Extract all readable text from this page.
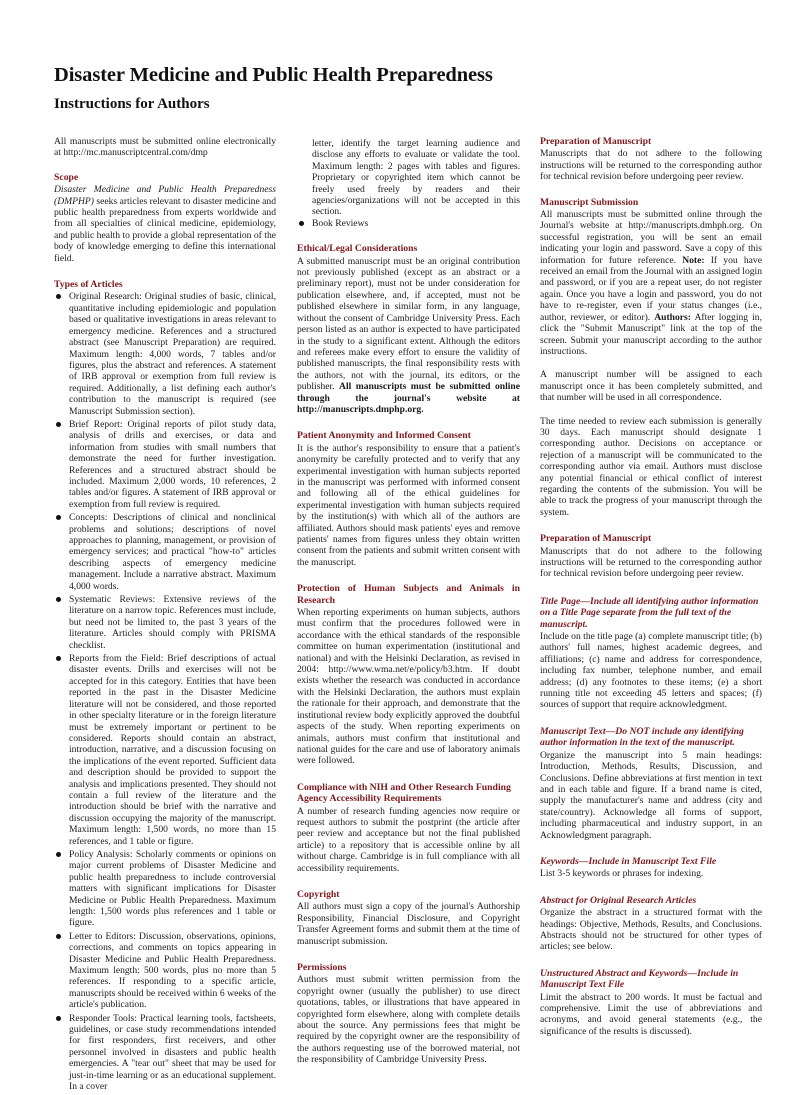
Disaster Medicine and Public Health Preparedness
Instructions for Authors

All manuscripts must be submitted online electronically at http://mc.manuscriptcentral.com/dmp

Scope

Disaster Medicine and Public Health Preparedness (DMPHP) seeks articles relevant to disaster medicine and public health preparedness from experts worldwide and from all specialties of clinical medicine, epidemiology, and public health to provide a global representation of the body of knowledge emerging to define this international field.

Types of Articles
Original Research: Original studies of basic, clinical, quantitative including epidemiologic and population based or qualitative investigations in areas relevant to emergency medicine. References and a structured abstract (see Manuscript Preparation) are required. Maximum length: 4,000 words, 7 tables and/or figures, plus the abstract and references. A statement of IRB approval or exemption from full review is required. Additionally, a list defining each author's contribution to the manuscript is required (see Manuscript Submission section).
Brief Report: Original reports of pilot study data, analysis of drills and exercises, or data and information from studies with small numbers that demonstrate the need for further investigation. References and a structured abstract should be included. Maximum 2,000 words, 10 references, 2 tables and/or figures. A statement of IRB approval or exemption from full review is required.
Concepts: Descriptions of clinical and nonclinical problems and solutions; descriptions of novel approaches to planning, management, or provision of emergency services; and practical "how-to" articles describing aspects of emergency medicine management. Include a narrative abstract. Maximum 4,000 words.
Systematic Reviews: Extensive reviews of the literature on a narrow topic. References must include, but need not be limited to, the past 3 years of the literature. Articles should comply with PRISMA checklist.
Reports from the Field: Brief descriptions of actual disaster events. Drills and exercises will not be accepted for in this category. Entities that have been reported in the past in the Disaster Medicine literature will not be considered, and those reported in other specialty literature or in the foreign literature must be extremely important or pertinent to be considered. Reports should contain an abstract, introduction, narrative, and a discussion focusing on the implications of the event reported. Sufficient data and description should be provided to support the analysis and implications presented. They should not contain a full review of the literature and the introduction should be brief with the narrative and discussion occupying the majority of the manuscript. Maximum length: 1,500 words, no more than 15 references, and 1 table or figure.
Policy Analysis: Scholarly comments or opinions on major current problems of Disaster Medicine and public health preparedness to include controversial matters with significant implications for Disaster Medicine or Public Health Preparedness. Maximum length: 1,500 words plus references and 1 table or figure.
Letter to Editors: Discussion, observations, opinions, corrections, and comments on topics appearing in Disaster Medicine and Public Health Preparedness. Maximum length: 500 words, plus no more than 5 references. If responding to a specific article, manuscripts should be received within 6 weeks of the article's publication.
Responder Tools: Practical learning tools, factsheets, guidelines, or case study recommendations intended for first responders, first receivers, and other personnel involved in disasters and public health emergencies. A "tear out" sheet that may be used for just-in-time learning or as an educational supplement. In a cover

letter, identify the target learning audience and disclose any efforts to evaluate or validate the tool. Maximum length: 2 pages with tables and figures. Proprietary or copyrighted item which cannot be freely used freely by readers and their agencies/organizations will not be accepted in this section.

Book Reviews
Ethical/Legal Considerations

A submitted manuscript must be an original contribution not previously published (except as an abstract or a preliminary report), must not be under consideration for publication elsewhere, and, if accepted, must not be published elsewhere in similar form, in any language, without the consent of Cambridge University Press. Each person listed as an author is expected to have participated in the study to a significant extent. Although the editors and referees make every effort to ensure the validity of published manuscripts, the final responsibility rests with the authors, not with the journal, its editors, or the publisher. All manuscripts must be submitted online through the journal's website at http://manuscripts.dmphp.org.

Patient Anonymity and Informed Consent

It is the author's responsibility to ensure that a patient's anonymity be carefully protected and to verify that any experimental investigation with human subjects reported in the manuscript was performed with informed consent and following all of the ethical guidelines for experimental investigation with human subjects required by the institution(s) with which all of the authors are affiliated. Authors should mask patients' eyes and remove patients' names from figures unless they obtain written consent from the patients and submit written consent with the manuscript.

Protection of Human Subjects and Animals in Research

When reporting experiments on human subjects, authors must confirm that the procedures followed were in accordance with the ethical standards of the responsible committee on human experimentation (institutional and national) and with the Helsinki Declaration, as revised in 2004: http://www.wma.net/e/policy/b3.htm. If doubt exists whether the research was conducted in accordance with the Helsinki Declaration, the authors must explain the rationale for their approach, and demonstrate that the institutional review body explicitly approved the doubtful aspects of the study. When reporting experiments on animals, authors must confirm that institutional and national guides for the care and use of laboratory animals were followed.

Compliance with NIH and Other Research Funding Agency Accessibility Requirements

A number of research funding agencies now require or request authors to submit the postprint (the article after peer review and acceptance but not the final published article) to a repository that is accessible online by all without charge. Cambridge is in full compliance with all accessibility requirements.

Copyright

All authors must sign a copy of the journal's Authorship Responsibility, Financial Disclosure, and Copyright Transfer Agreement forms and submit them at the time of manuscript submission.

Permissions

Authors must submit written permission from the copyright owner (usually the publisher) to use direct quotations, tables, or illustrations that have appeared in copyrighted form elsewhere, along with complete details about the source. Any permissions fees that might be required by the copyright owner are the responsibility of the authors requesting use of the borrowed material, not the responsibility of Cambridge University Press.

Preparation of Manuscript

Manuscripts that do not adhere to the following instructions will be returned to the corresponding author for technical revision before undergoing peer review.

Manuscript Submission

All manuscripts must be submitted online through the Journal's website at http://manuscripts.dmhph.org. On successful registration, you will be sent an email indicating your login and password. Save a copy of this information for future reference. Note: If you have received an email from the Journal with an assigned login and password, or if you are a repeat user, do not register again. Once you have a login and password, you do not have to re-register, even if your status changes (i.e., author, reviewer, or editor). Authors: After logging in, click the "Submit Manuscript" link at the top of the screen. Submit your manuscript according to the author instructions.

A manuscript number will be assigned to each manuscript once it has been completely submitted, and that number will be used in all correspondence.

The time needed to review each submission is generally 30 days. Each manuscript should designate 1 corresponding author. Decisions on acceptance or rejection of a manuscript will be communicated to the corresponding author via email. Authors must disclose any potential financial or ethical conflict of interest regarding the contents of the submission. You will be able to track the progress of your manuscript through the system.

Preparation of Manuscript

Manuscripts that do not adhere to the following instructions will be returned to the corresponding author for technical revision before undergoing peer review.

Title Page—Include all identifying author information on a Title Page separate from the full text of the manuscript.

Include on the title page (a) complete manuscript title; (b) authors' full names, highest academic degrees, and affiliations; (c) name and address for correspondence, including fax number, telephone number, and email address; (d) any footnotes to these items; (e) a short running title not exceeding 45 letters and spaces; (f) sources of support that require acknowledgment.

Manuscript Text—Do NOT include any identifying author information in the text of the manuscript.

Organize the manuscript into 5 main headings: Introduction, Methods, Results, Discussion, and Conclusions. Define abbreviations at first mention in text and in each table and figure. If a brand name is cited, supply the manufacturer's name and address (city and state/country). Acknowledge all forms of support, including pharmaceutical and industry support, in an Acknowledgment paragraph.

Keywords—Include in Manuscript Text File

List 3-5 keywords or phrases for indexing.

Abstract for Original Research Articles

Organize the abstract in a structured format with the headings: Objective, Methods, Results, and Conclusions. Abstracts should not be structured for other types of articles; see below.

Unstructured Abstract and Keywords—Include in Manuscript Text File

Limit the abstract to 200 words. It must be factual and comprehensive. Limit the use of abbreviations and acronyms, and avoid general statements (e.g., the significance of the results is discussed).
